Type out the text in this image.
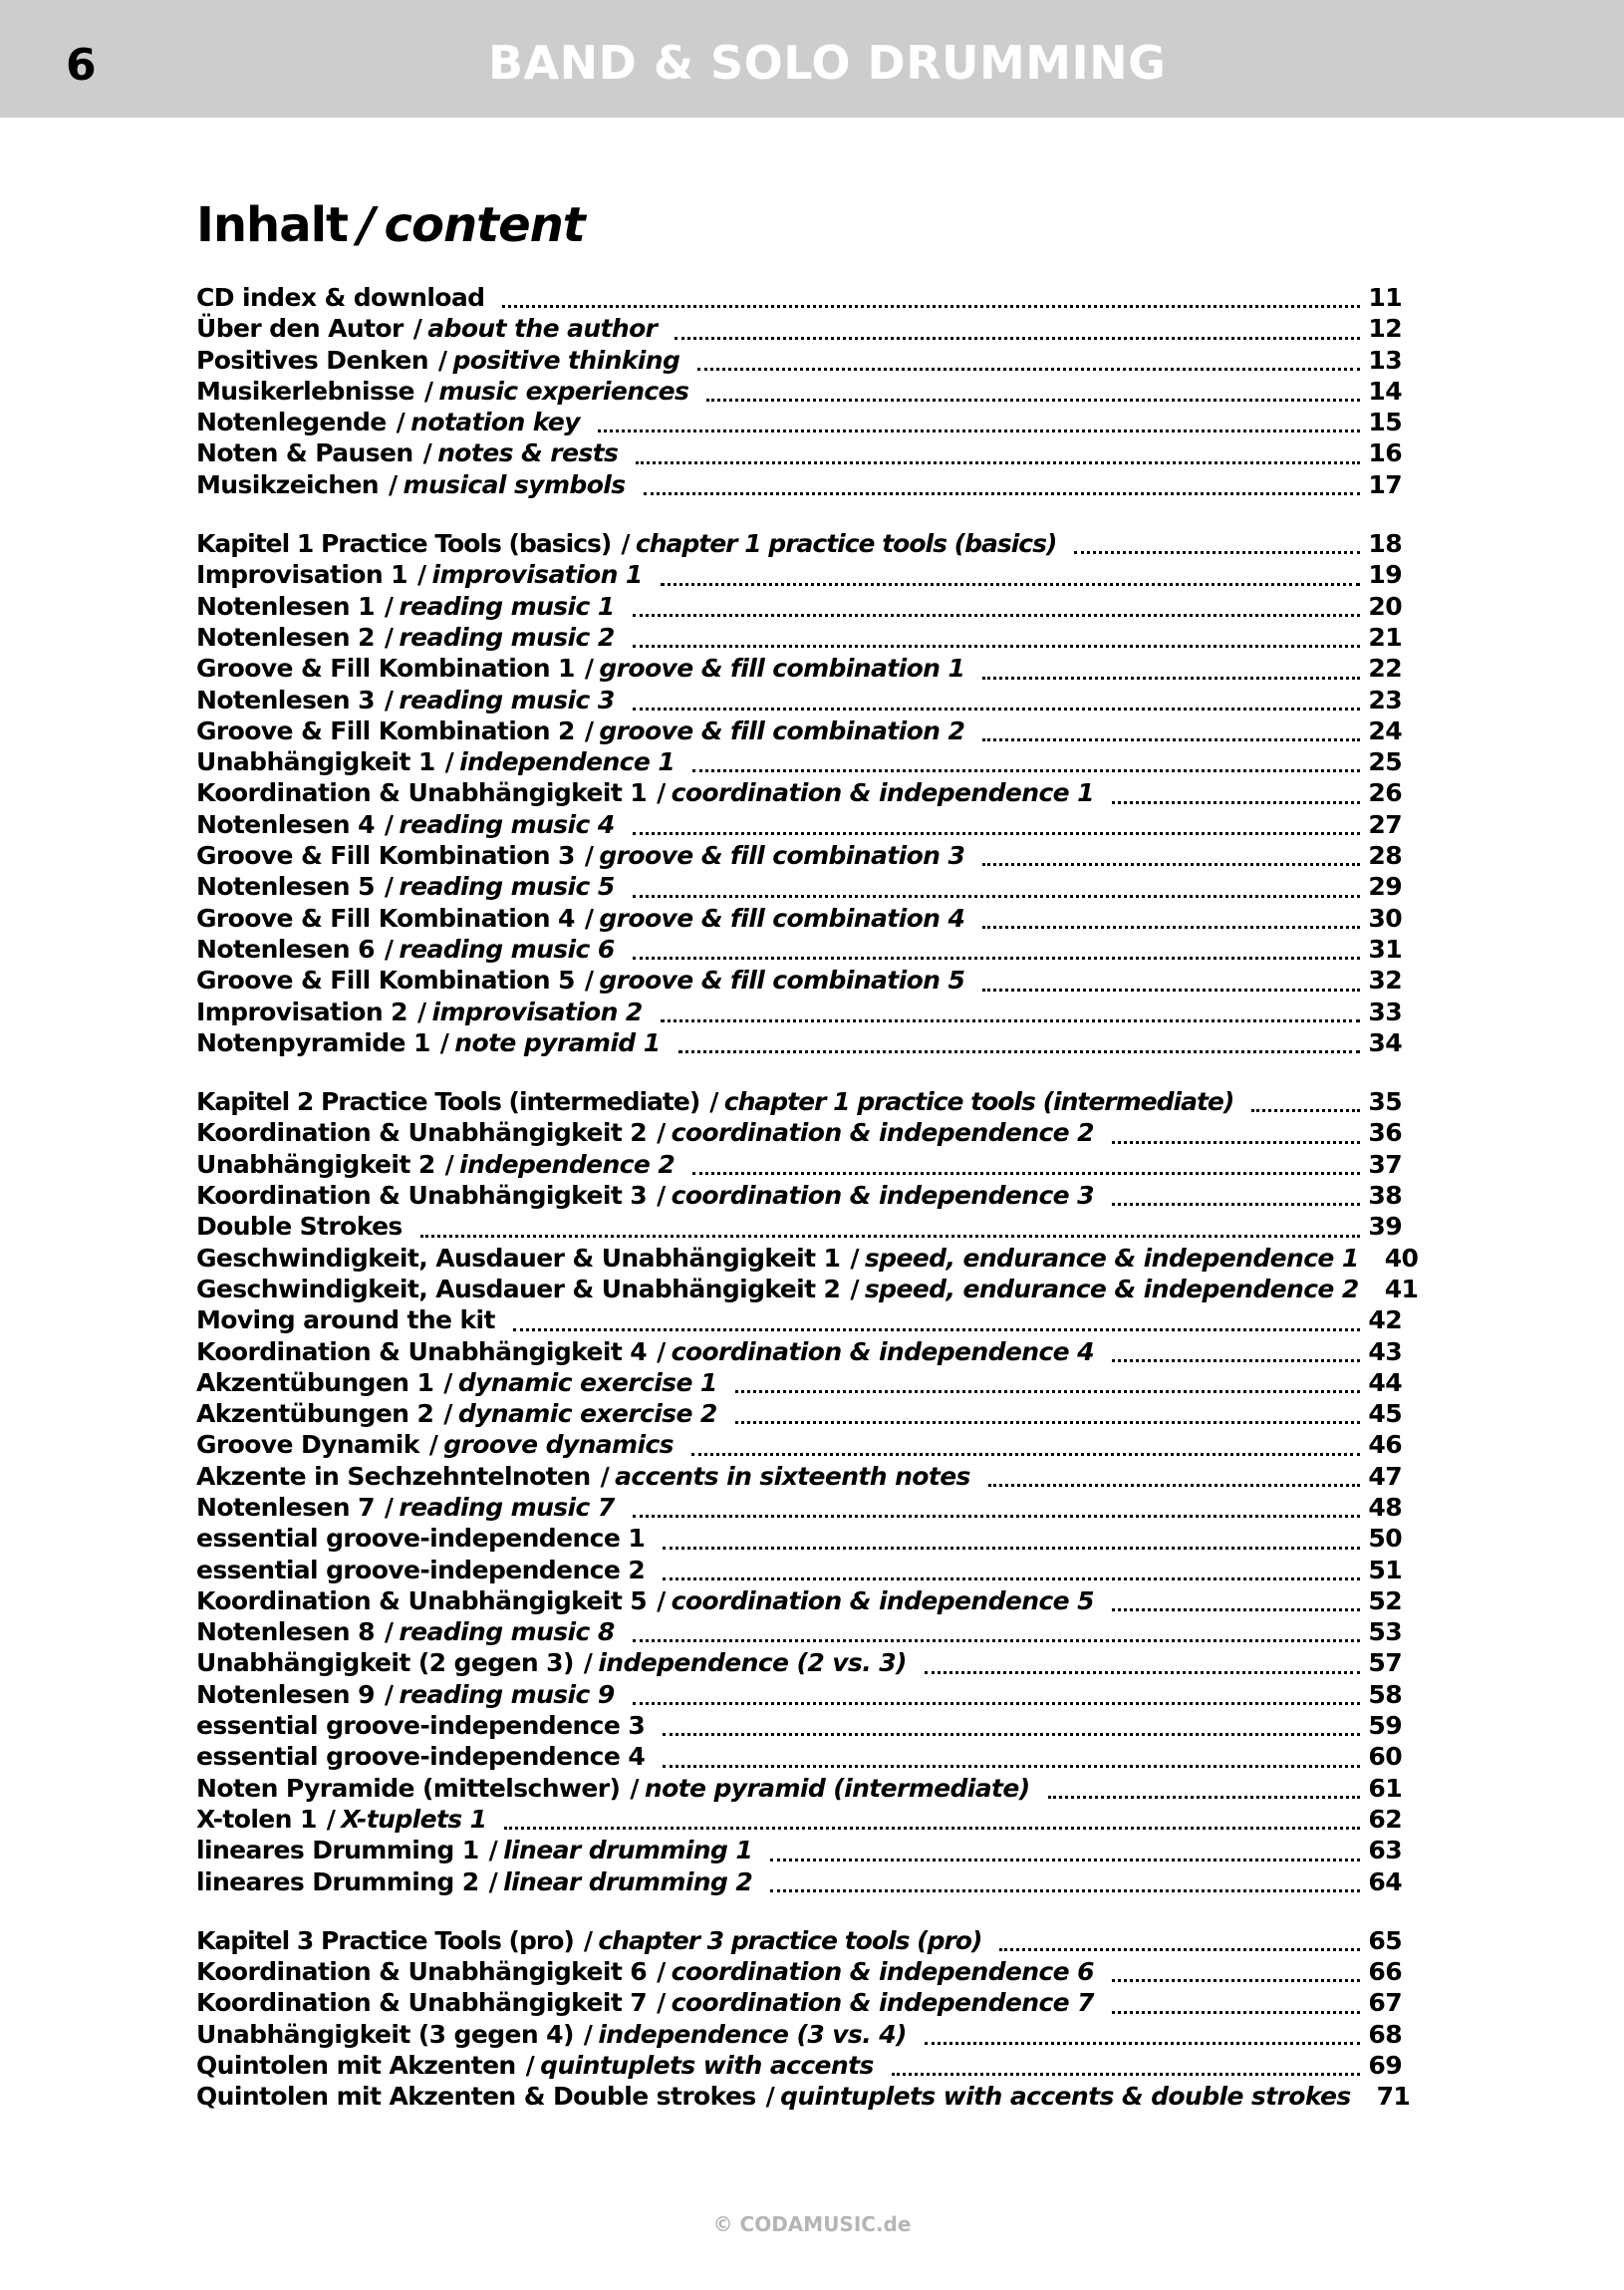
6	BAND & SOLO DRUMMING
Inhalt / content
CD index & download	11
Über den Autor / about the author	12
Positives Denken / positive thinking	13
Musikerlebnisse / music experiences	14
Notenlegende / notation key	15
Noten & Pausen / notes & rests	16
Musikzeichen / musical symbols	17
Kapitel 1 Practice Tools (basics) / chapter 1 practice tools (basics)	18
Improvisation 1 / improvisation 1	19
Notenlesen 1 / reading music 1	20
Notenlesen 2 / reading music 2	21
Groove & Fill Kombination 1 / groove & fill combination 1	22
Notenlesen 3 / reading music 3	23
Groove & Fill Kombination 2 / groove & fill combination 2	24
Unabhängigkeit 1 / independence 1	25
Koordination & Unabhängigkeit 1 / coordination & independence 1	26
Notenlesen 4 / reading music 4	27
Groove & Fill Kombination 3 / groove & fill combination 3	28
Notenlesen 5 / reading music 5	29
Groove & Fill Kombination 4 / groove & fill combination 4	30
Notenlesen 6 / reading music 6	31
Groove & Fill Kombination 5 / groove & fill combination 5	32
Improvisation 2 / improvisation 2	33
Notenpyramide 1 / note pyramid 1	34
Kapitel 2 Practice Tools (intermediate) / chapter 1 practice tools (intermediate)	35
Koordination & Unabhängigkeit 2 / coordination & independence 2	36
Unabhängigkeit 2 / independence 2	37
Koordination & Unabhängigkeit 3 / coordination & independence 3	38
Double Strokes	39
Geschwindigkeit, Ausdauer & Unabhängigkeit 1 / speed, endurance & independence 1 40
Geschwindigkeit, Ausdauer & Unabhängigkeit 2 / speed, endurance & independence 2 41
Moving around the kit	42
Koordination & Unabhängigkeit 4 / coordination & independence 4	43
Akzentübungen 1 / dynamic exercise 1	44
Akzentübungen 2 / dynamic exercise 2	45
Groove Dynamik / groove dynamics	46
Akzente in Sechzehntelnoten / accents in sixteenth notes	47
Notenlesen 7 / reading music 7	48
essential groove-independence 1	50
essential groove-independence 2	51
Koordination & Unabhängigkeit 5 / coordination & independence 5	52
Notenlesen 8 / reading music 8	53
Unabhängigkeit (2 gegen 3) / independence (2 vs. 3)	57
Notenlesen 9 / reading music 9	58
essential groove-independence 3	59
essential groove-independence 4	60
Noten Pyramide (mittelschwer) / note pyramid (intermediate)	61
X-tolen 1 / X-tuplets 1	62
lineares Drumming 1 / linear drumming 1	63
lineares Drumming 2 / linear drumming 2	64
Kapitel 3 Practice Tools (pro) / chapter 3 practice tools (pro)	65
Koordination & Unabhängigkeit 6 / coordination & independence 6	66
Koordination & Unabhängigkeit 7 / coordination & independence 7	67
Unabhängigkeit (3 gegen 4) / independence (3 vs. 4)	68
Quintolen mit Akzenten / quintuplets with accents	69
Quintolen mit Akzenten & Double strokes / quintuplets with accents & double strokes 71
© CODAMUSIC.de
